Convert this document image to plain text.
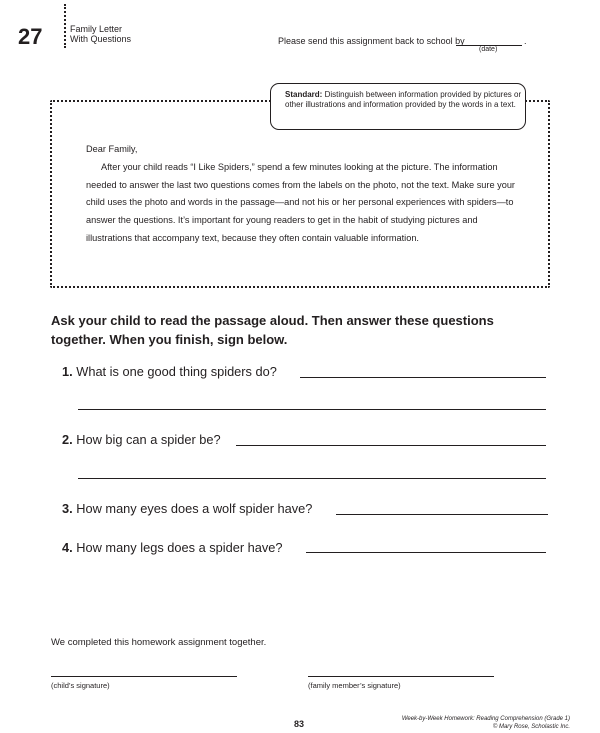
27	Family Letter
With Questions	Please send this assignment back to school by	.
(date)
Standard: Distinguish between information provided by pictures or other illustrations and information provided by the words in a text.

Dear Family,

After your child reads “I Like Spiders,” spend a few minutes looking at the picture. The information needed to answer the last two questions comes from the labels on the photo, not the text. Make sure your child uses the photo and words in the passage—and not his or her personal experiences with spiders—to answer the questions. It’s important for young readers to get in the habit of studying pictures and illustrations that accompany text, because they often contain valuable information.

Ask your child to read the passage aloud. Then answer these questions together. When you finish, sign below.
1. What is one good thing spiders do?
2. How big can a spider be?
3. How many eyes does a wolf spider have?
4. How many legs does a spider have?
We completed this homework assignment together.
(child’s signature)	(family member’s signature)
83	Week-by-Week Homework: Reading Comprehension (Grade 1)
© Mary Rose, Scholastic Inc.
